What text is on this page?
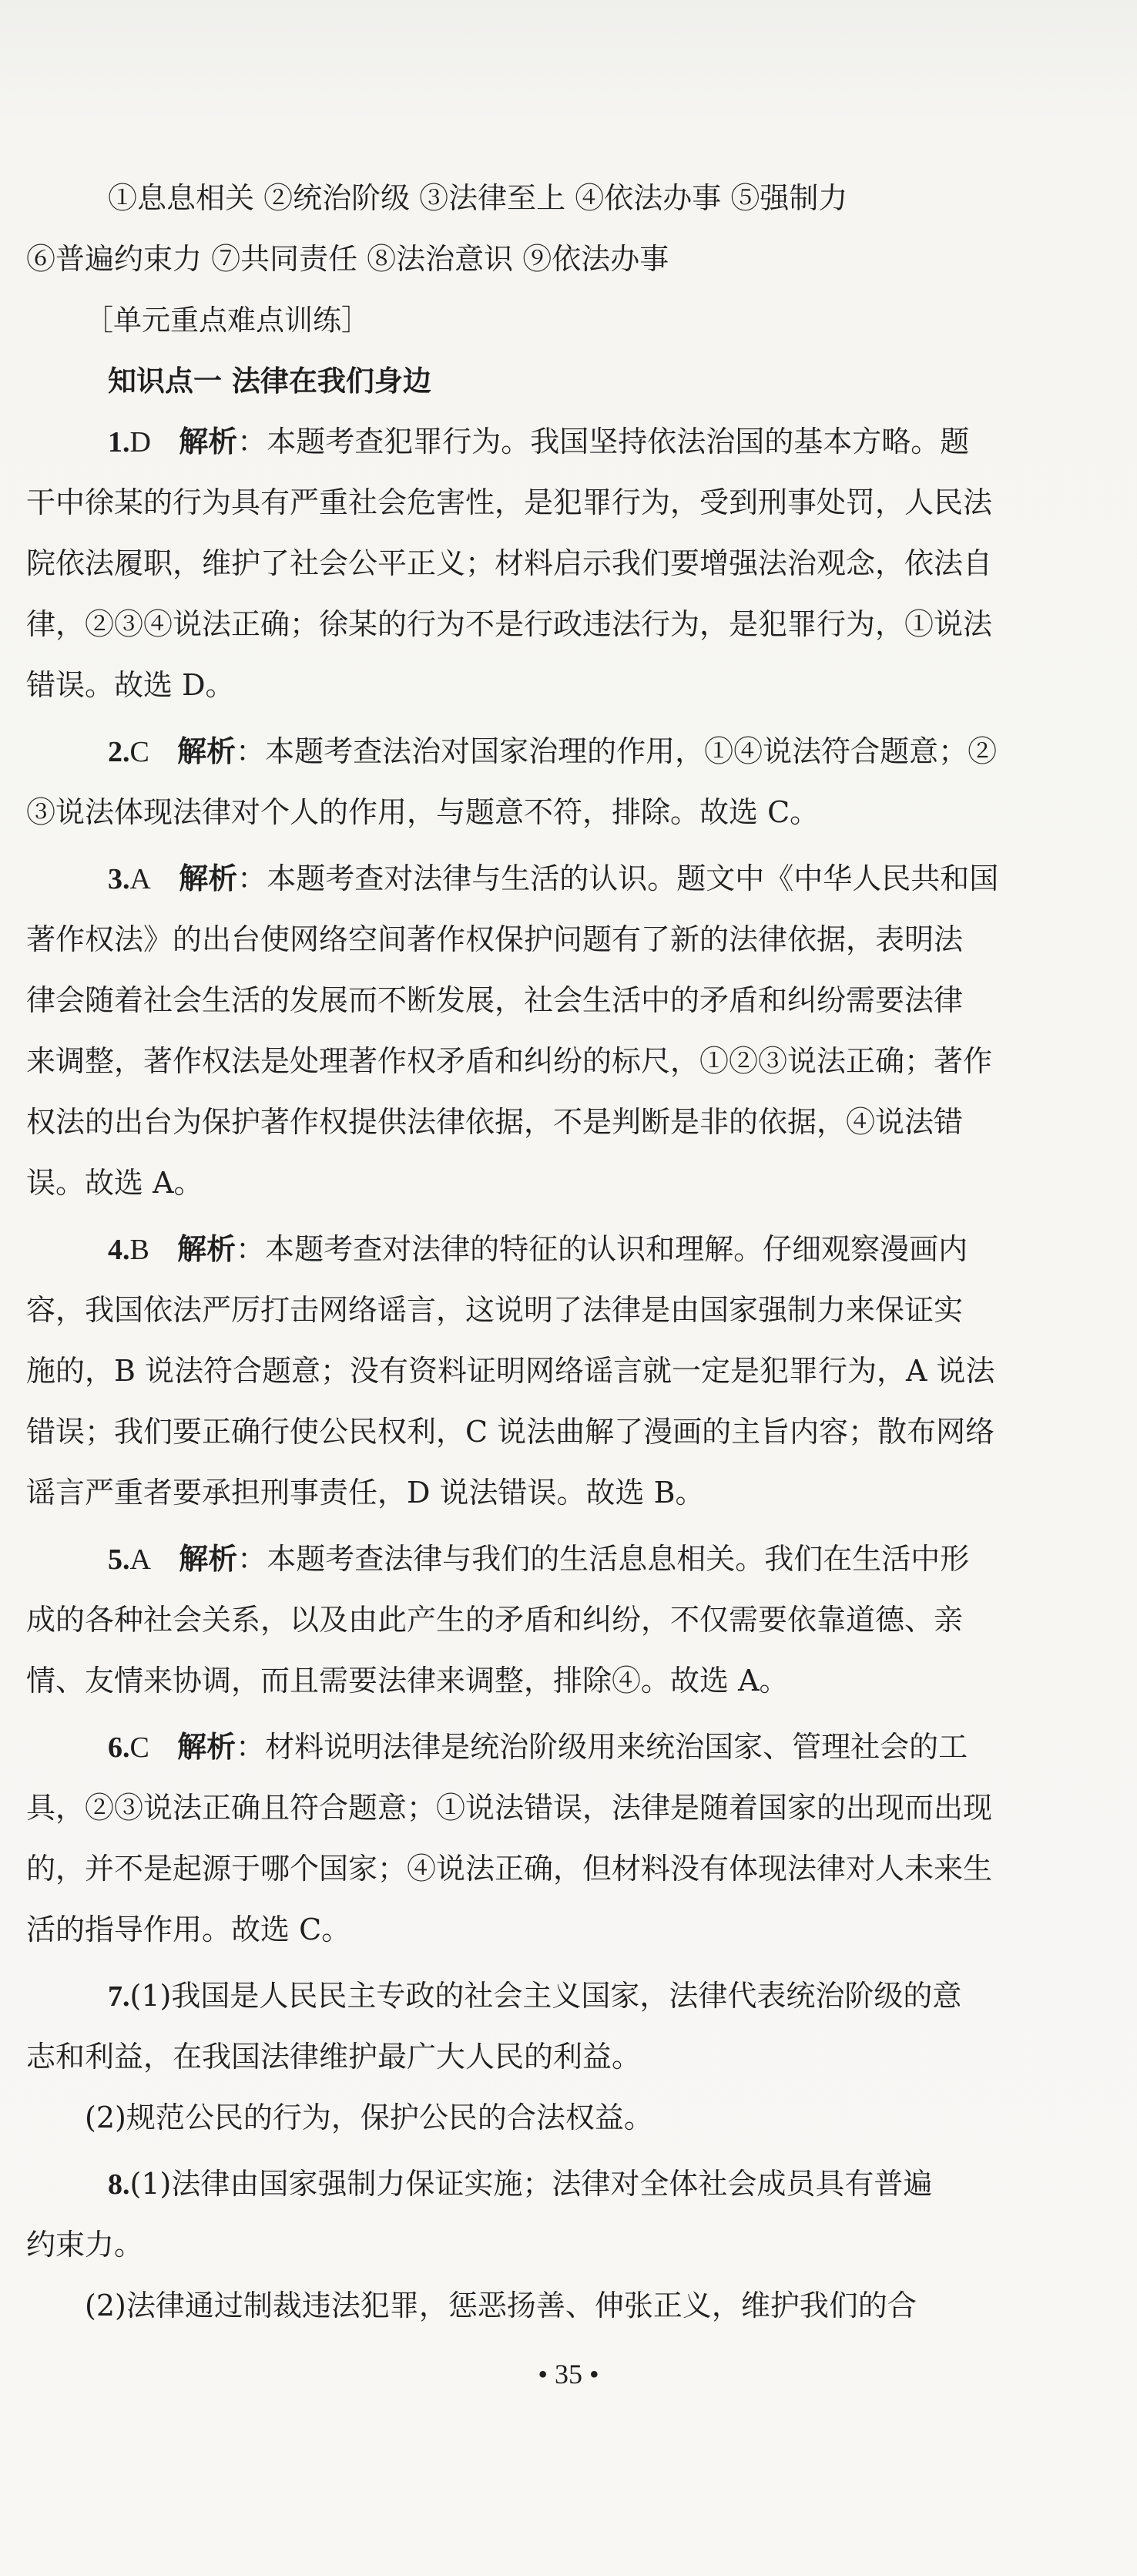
①息息相关 ②统治阶级 ③法律至上 ④依法办事 ⑤强制力
⑥普遍约束力 ⑦共同责任 ⑧法治意识 ⑨依法办事
［单元重点难点训练］
知识点一 法律在我们身边
1.D 解析：本题考查犯罪行为。我国坚持依法治国的基本方略。题
干中徐某的行为具有严重社会危害性，是犯罪行为，受到刑事处罚，人民法
院依法履职，维护了社会公平正义；材料启示我们要增强法治观念，依法自
律，②③④说法正确；徐某的行为不是行政违法行为，是犯罪行为，①说法
错误。故选 D。
2.C 解析：本题考查法治对国家治理的作用，①④说法符合题意；②
③说法体现法律对个人的作用，与题意不符，排除。故选 C。
3.A 解析：本题考查对法律与生活的认识。题文中《中华人民共和国
著作权法》的出台使网络空间著作权保护问题有了新的法律依据，表明法
律会随着社会生活的发展而不断发展，社会生活中的矛盾和纠纷需要法律
来调整，著作权法是处理著作权矛盾和纠纷的标尺，①②③说法正确；著作
权法的出台为保护著作权提供法律依据，不是判断是非的依据，④说法错
误。故选 A。
4.B 解析：本题考查对法律的特征的认识和理解。仔细观察漫画内
容，我国依法严厉打击网络谣言，这说明了法律是由国家强制力来保证实
施的，B 说法符合题意；没有资料证明网络谣言就一定是犯罪行为，A 说法
错误；我们要正确行使公民权利，C 说法曲解了漫画的主旨内容；散布网络
谣言严重者要承担刑事责任，D 说法错误。故选 B。
5.A 解析：本题考查法律与我们的生活息息相关。我们在生活中形
成的各种社会关系，以及由此产生的矛盾和纠纷，不仅需要依靠道德、亲
情、友情来协调，而且需要法律来调整，排除④。故选 A。
6.C 解析：材料说明法律是统治阶级用来统治国家、管理社会的工
具，②③说法正确且符合题意；①说法错误，法律是随着国家的出现而出现
的，并不是起源于哪个国家；④说法正确，但材料没有体现法律对人未来生
活的指导作用。故选 C。
7.(1)我国是人民民主专政的社会主义国家，法律代表统治阶级的意
志和利益，在我国法律维护最广大人民的利益。
(2)规范公民的行为，保护公民的合法权益。
8.(1)法律由国家强制力保证实施；法律对全体社会成员具有普遍
约束力。
(2)法律通过制裁违法犯罪，惩恶扬善、伸张正义，维护我们的合
• 35 •
